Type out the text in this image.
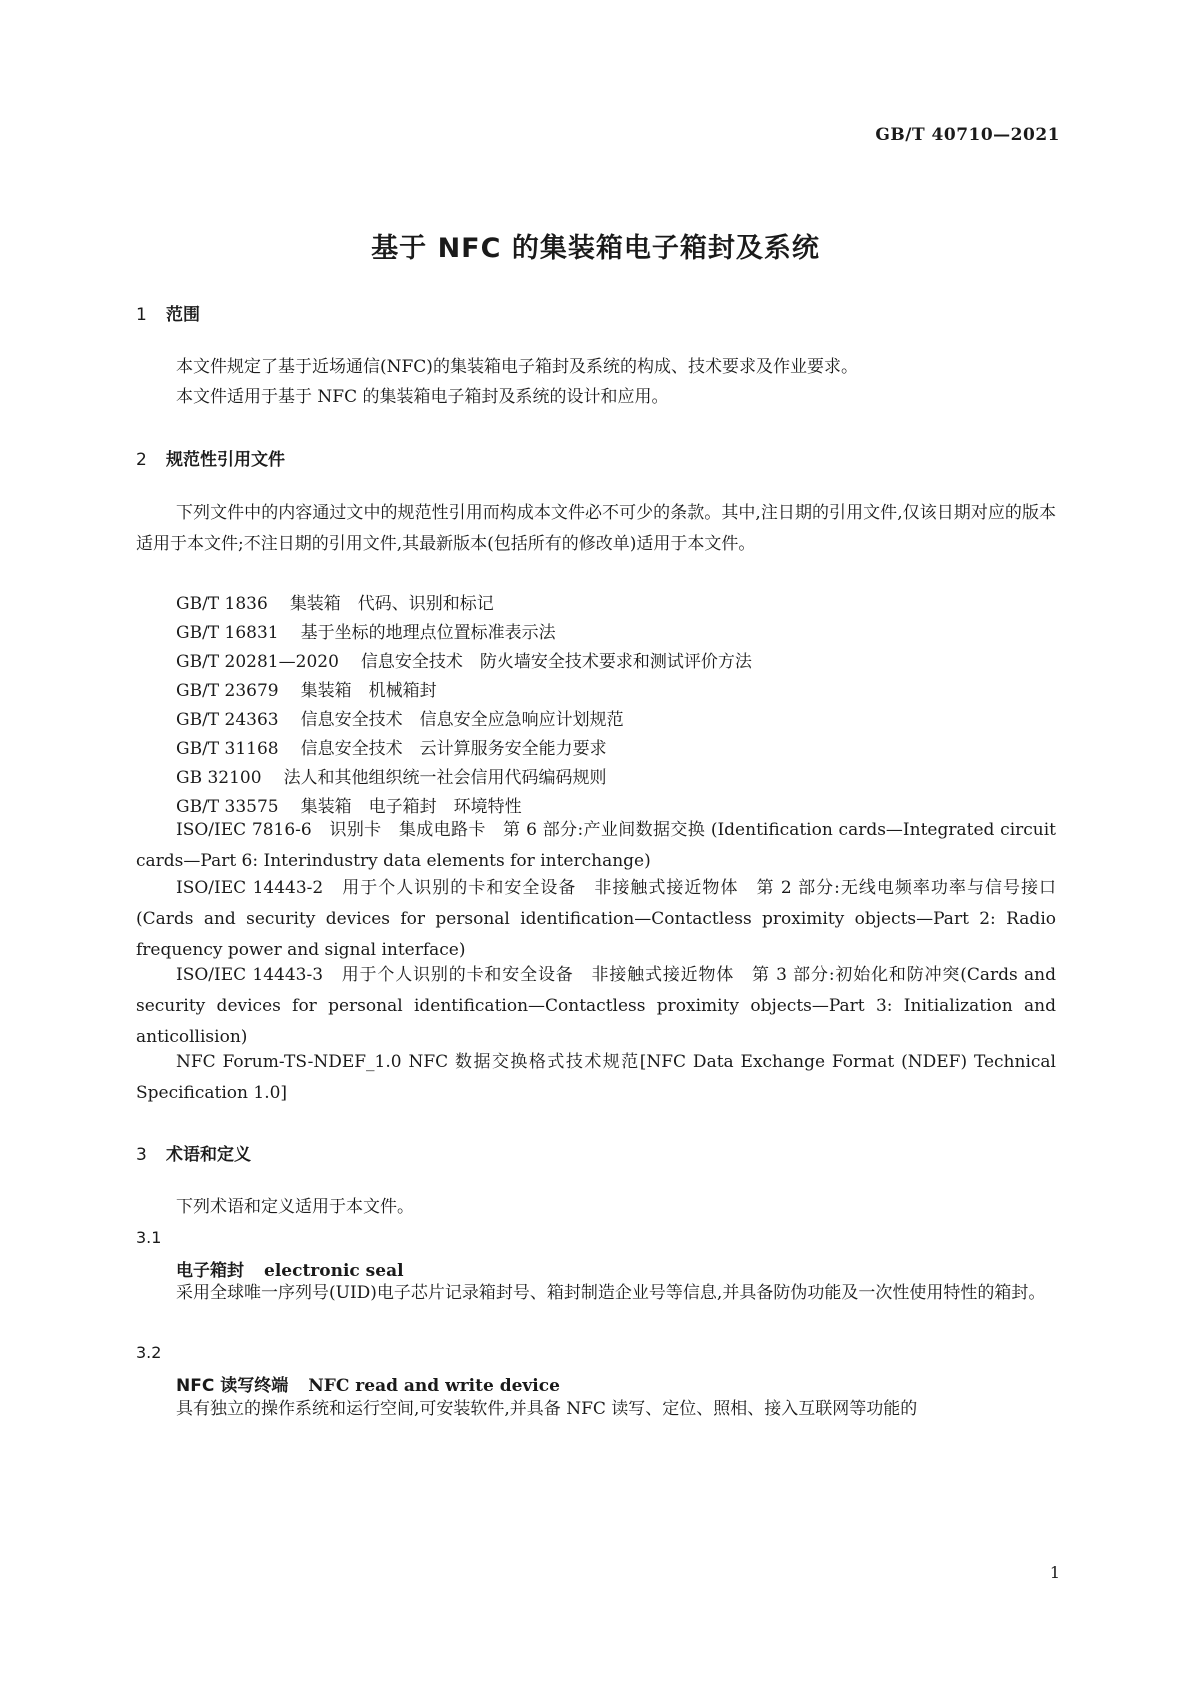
GB/T 40710—2021
基于 NFC 的集装箱电子箱封及系统
1 范围
本文件规定了基于近场通信(NFC)的集装箱电子箱封及系统的构成、技术要求及作业要求。
本文件适用于基于 NFC 的集装箱电子箱封及系统的设计和应用。
2 规范性引用文件
下列文件中的内容通过文中的规范性引用而构成本文件必不可少的条款。其中,注日期的引用文件,仅该日期对应的版本适用于本文件;不注日期的引用文件,其最新版本(包括所有的修改单)适用于本文件。
GB/T 1836 集装箱　代码、识别和标记
GB/T 16831 基于坐标的地理点位置标准表示法
GB/T 20281—2020 信息安全技术　防火墙安全技术要求和测试评价方法
GB/T 23679 集装箱　机械箱封
GB/T 24363 信息安全技术　信息安全应急响应计划规范
GB/T 31168 信息安全技术　云计算服务安全能力要求
GB 32100 法人和其他组织统一社会信用代码编码规则
GB/T 33575 集装箱　电子箱封　环境特性
ISO/IEC 7816-6　识别卡　集成电路卡　第 6 部分:产业间数据交换 (Identification cards—Integrated circuit cards—Part 6: Interindustry data elements for interchange)
ISO/IEC 14443-2　用于个人识别的卡和安全设备　非接触式接近物体　第 2 部分:无线电频率功率与信号接口(Cards and security devices for personal identification—Contactless proximity objects—Part 2: Radio frequency power and signal interface)
ISO/IEC 14443-3　用于个人识别的卡和安全设备　非接触式接近物体　第 3 部分:初始化和防冲突(Cards and security devices for personal identification—Contactless proximity objects—Part 3: Initialization and anticollision)
NFC Forum-TS-NDEF_1.0 NFC 数据交换格式技术规范[NFC Data Exchange Format (NDEF) Technical Specification 1.0]
3 术语和定义
下列术语和定义适用于本文件。
3.1
电子箱封 electronic seal
采用全球唯一序列号(UID)电子芯片记录箱封号、箱封制造企业号等信息,并具备防伪功能及一次性使用特性的箱封。
3.2
NFC 读写终端 NFC read and write device
具有独立的操作系统和运行空间,可安装软件,并具备 NFC 读写、定位、照相、接入互联网等功能的
1
